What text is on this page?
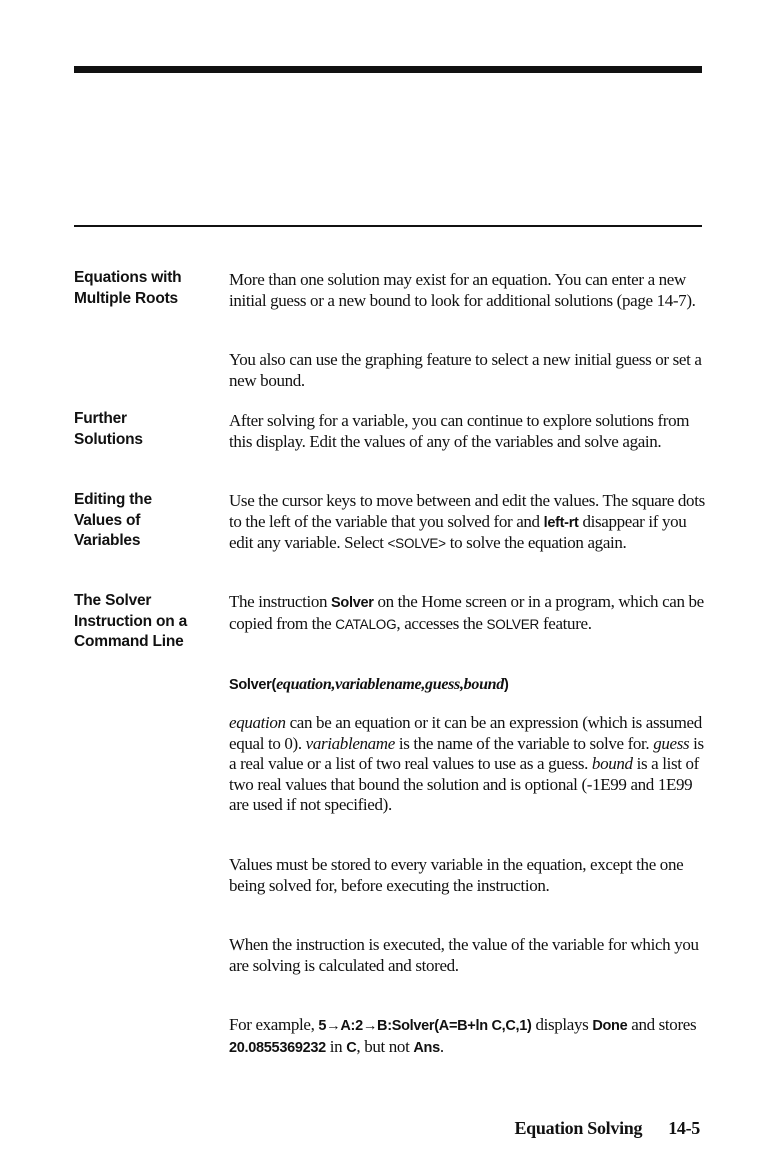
Equations with
Multiple Roots
More than one solution may exist for an equation. You can enter a new initial guess or a new bound to look for additional solutions (page 14-7).
You also can use the graphing feature to select a new initial guess or set a new bound.
Further
Solutions
After solving for a variable, you can continue to explore solutions from this display. Edit the values of any of the variables and solve again.
Editing the
Values of
Variables
Use the cursor keys to move between and edit the values. The square dots to the left of the variable that you solved for and left-rt disappear if you edit any variable. Select <SOLVE> to solve the equation again.
The Solver
Instruction on a
Command Line
The instruction Solver on the Home screen or in a program, which can be copied from the CATALOG, accesses the SOLVER feature.
Solver(equation,variablename,guess,bound)
equation can be an equation or it can be an expression (which is assumed equal to 0). variablename is the name of the variable to solve for. guess is a real value or a list of two real values to use as a guess. bound is a list of two real values that bound the solution and is optional (-1E99 and 1E99 are used if not specified).
Values must be stored to every variable in the equation, except the one being solved for, before executing the instruction.
When the instruction is executed, the value of the variable for which you are solving is calculated and stored.
For example, 5→A:2→B:Solver(A=B+ln C,C,1) displays Done and stores 20.0855369232 in C, but not Ans.
Equation Solving 14-5
